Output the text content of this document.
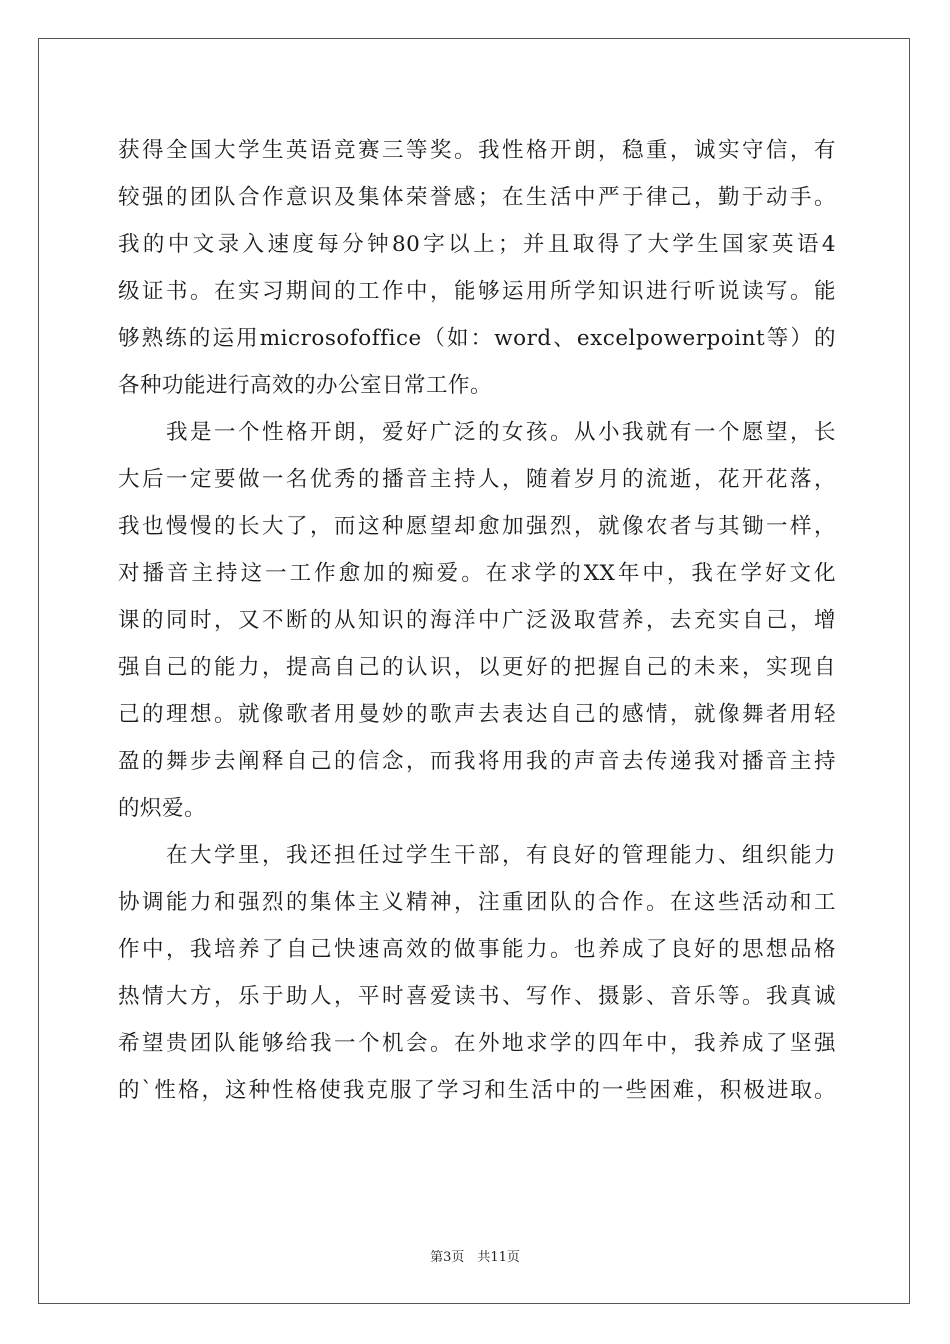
获得全国大学生英语竞赛三等奖。我性格开朗，稳重，诚实守信，有
较强的团队合作意识及集体荣誉感；在生活中严于律己，勤于动手。
我的中文录入速度每分钟80字以上；并且取得了大学生国家英语4
级证书。在实习期间的工作中，能够运用所学知识进行听说读写。能
够熟练的运用microsofoffice（如：word、excelpowerpoint等）的
各种功能进行高效的办公室日常工作。
　　我是一个性格开朗，爱好广泛的女孩。从小我就有一个愿望，长
大后一定要做一名优秀的播音主持人，随着岁月的流逝，花开花落，
我也慢慢的长大了，而这种愿望却愈加强烈，就像农者与其锄一样，
对播音主持这一工作愈加的痴爱。在求学的XX年中，我在学好文化
课的同时，又不断的从知识的海洋中广泛汲取营养，去充实自己，增
强自己的能力，提高自己的认识，以更好的把握自己的未来，实现自
己的理想。就像歌者用曼妙的歌声去表达自己的感情，就像舞者用轻
盈的舞步去阐释自己的信念，而我将用我的声音去传递我对播音主持
的炽爱。
　　在大学里，我还担任过学生干部，有良好的管理能力、组织能力
协调能力和强烈的集体主义精神，注重团队的合作。在这些活动和工
作中，我培养了自己快速高效的做事能力。也养成了良好的思想品格
热情大方，乐于助人，平时喜爱读书、写作、摄影、音乐等。我真诚
希望贵团队能够给我一个机会。在外地求学的四年中，我养成了坚强
的`性格，这种性格使我克服了学习和生活中的一些困难，积极进取。
第3页　共11页
